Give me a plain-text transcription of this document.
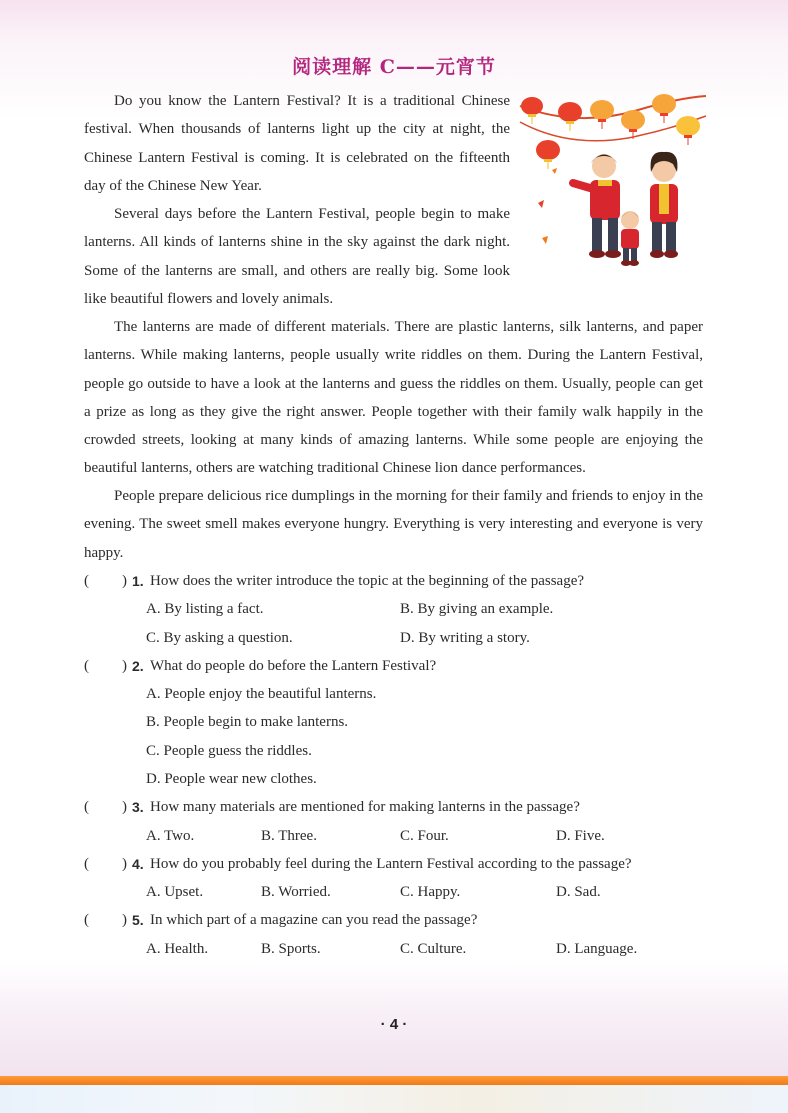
阅读理解 C——元宵节

Do you know the Lantern Festival? It is a traditional Chinese festival. When thousands of lanterns light up the city at night, the Chinese Lantern Festival is coming. It is celebrated on the fifteenth day of the Chinese New Year.

Several days before the Lantern Festival, people begin to make lanterns. All kinds of lanterns shine in the sky against the dark night. Some of the lanterns are small, and others are really big. Some look like beautiful flowers and lovely animals.

The lanterns are made of different materials. There are plastic lanterns, silk lanterns, and paper lanterns. While making lanterns, people usually write riddles on them. During the Lantern Festival, people go outside to have a look at the lanterns and guess the riddles on them. Usually, people can get a prize as long as they give the right answer. People together with their family walk happily in the crowded streets, looking at many kinds of amazing lanterns. While some people are enjoying the beautiful lanterns, others are watching traditional Chinese lion dance performances.

People prepare delicious rice dumplings in the morning for their family and friends to enjoy in the evening. The sweet smell makes everyone hungry. Everything is very interesting and everyone is very happy.

( ) 1. How does the writer introduce the topic at the beginning of the passage?
A. By listing a fact.	B. By giving an example.
C. By asking a question.	D. By writing a story.
( ) 2. What do people do before the Lantern Festival?
A. People enjoy the beautiful lanterns.
B. People begin to make lanterns.
C. People guess the riddles.
D. People wear new clothes.
( ) 3. How many materials are mentioned for making lanterns in the passage?
A. Two.	B. Three.	C. Four.	D. Five.
( ) 4. How do you probably feel during the Lantern Festival according to the passage?
A. Upset.	B. Worried.	C. Happy.	D. Sad.
( ) 5. In which part of a magazine can you read the passage?
A. Health.	B. Sports.	C. Culture.	D. Language.
· 4 ·
